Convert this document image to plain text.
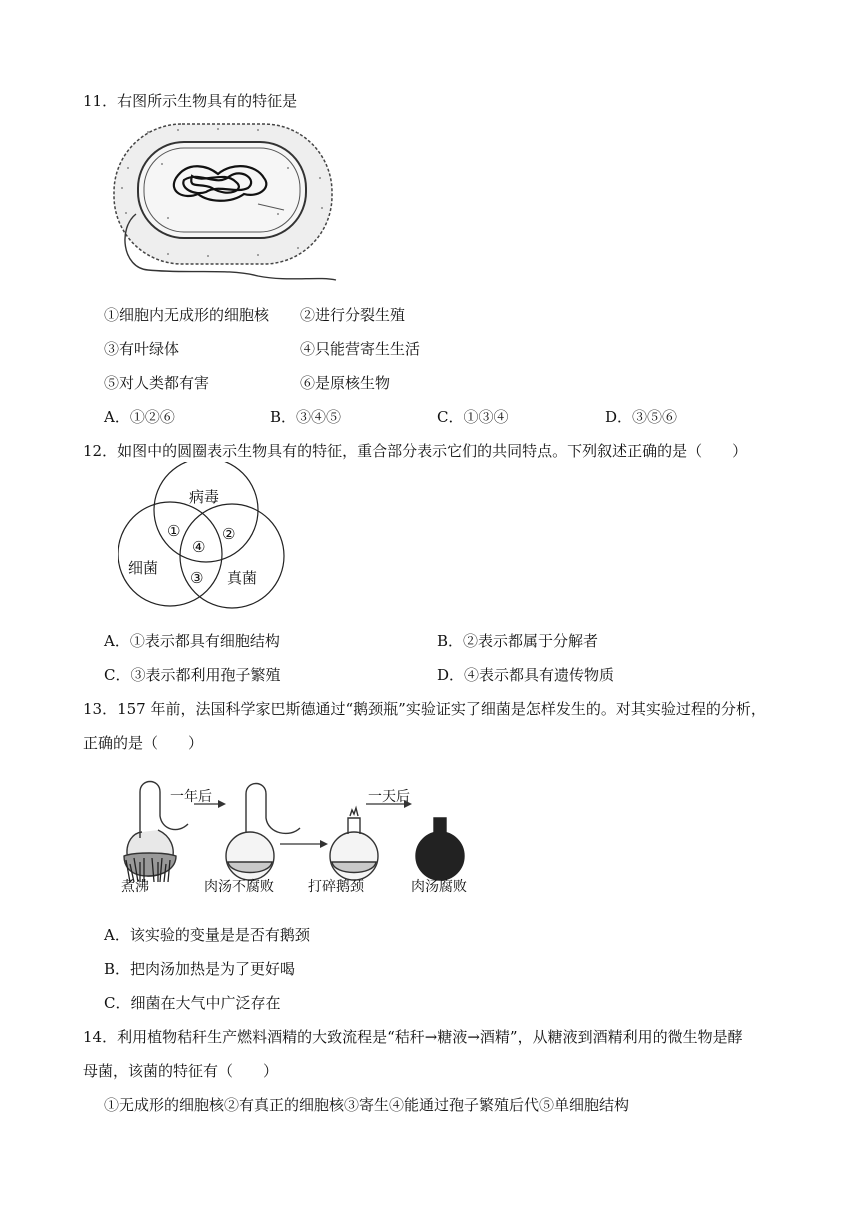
11．右图所示生物具有的特征是
①细胞内无成形的细胞核 ②进行分裂生殖
③有叶绿体	④只能营寄生生活
⑤对人类都有害	⑥是原核生物
A．①②⑥	B．③④⑤	C．①③④	D．③⑤⑥
12．如图中的圆圈表示生物具有的特征，重合部分表示它们的共同特点。下列叙述正确的是（　　）
病毒
细菌
真菌
①	②
③
④
A．①表示都具有细胞结构	B．②表示都属于分解者
C．③表示都利用孢子繁殖	D．④表示都具有遗传物质
13．157 年前，法国科学家巴斯德通过“鹅颈瓶”实验证实了细菌是怎样发生的。对其实验过程的分析，
正确的是（　　）
一年后	一天后
煮沸	肉汤不腐败 打碎鹅颈	肉汤腐败
A．该实验的变量是是否有鹅颈
B．把肉汤加热是为了更好喝
C．细菌在大气中广泛存在
14．利用植物秸秆生产燃料酒精的大致流程是“秸秆→糖液→酒精”，从糖液到酒精利用的微生物是酵
母菌，该菌的特征有（　　）
①无成形的细胞核②有真正的细胞核③寄生④能通过孢子繁殖后代⑤单细胞结构
